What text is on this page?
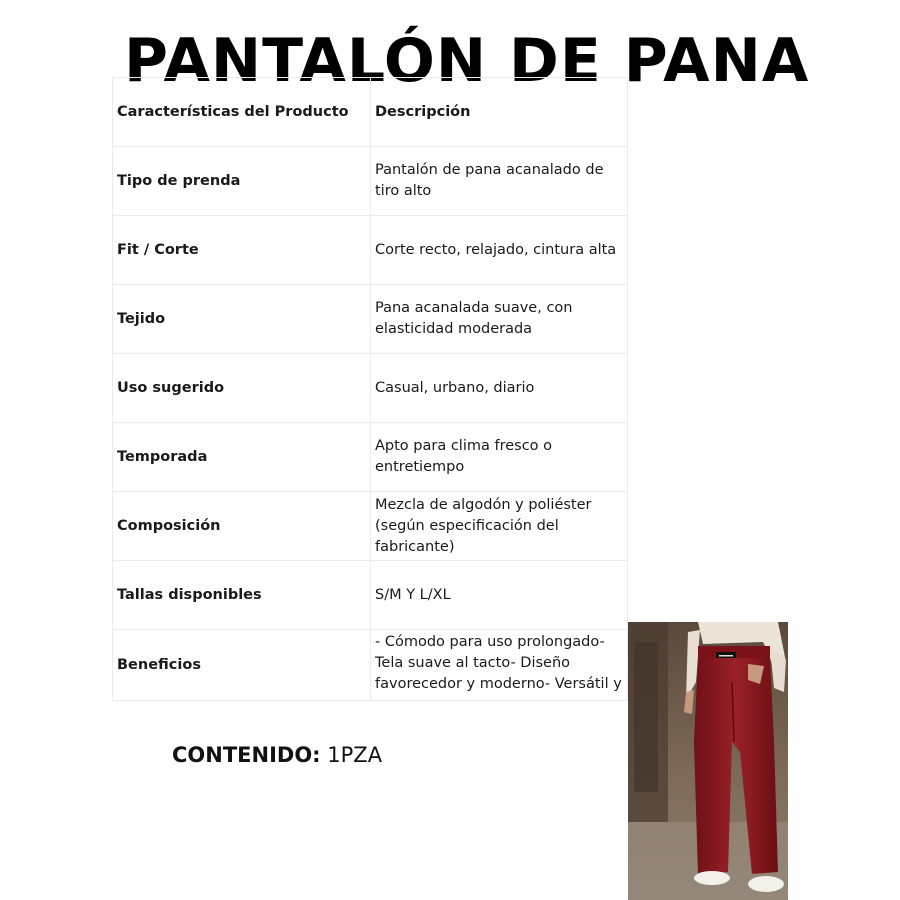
PANTALÓN DE PANA
Características del Producto	Descripción
Tipo de prenda	Pantalón de pana acanalado de tiro alto
Fit / Corte	Corte recto, relajado, cintura alta
Tejido	Pana acanalada suave, con elasticidad moderada
Uso sugerido	Casual, urbano, diario
Temporada	Apto para clima fresco o entretiempo
Composición	Mezcla de algodón y poliéster (según especificación del fabricante)
Tallas disponibles	S/M Y L/XL
Beneficios	- Cómodo para uso prolongado- Tela suave al tacto- Diseño favorecedor y moderno- Versátil y
CONTENIDO: 1PZA
